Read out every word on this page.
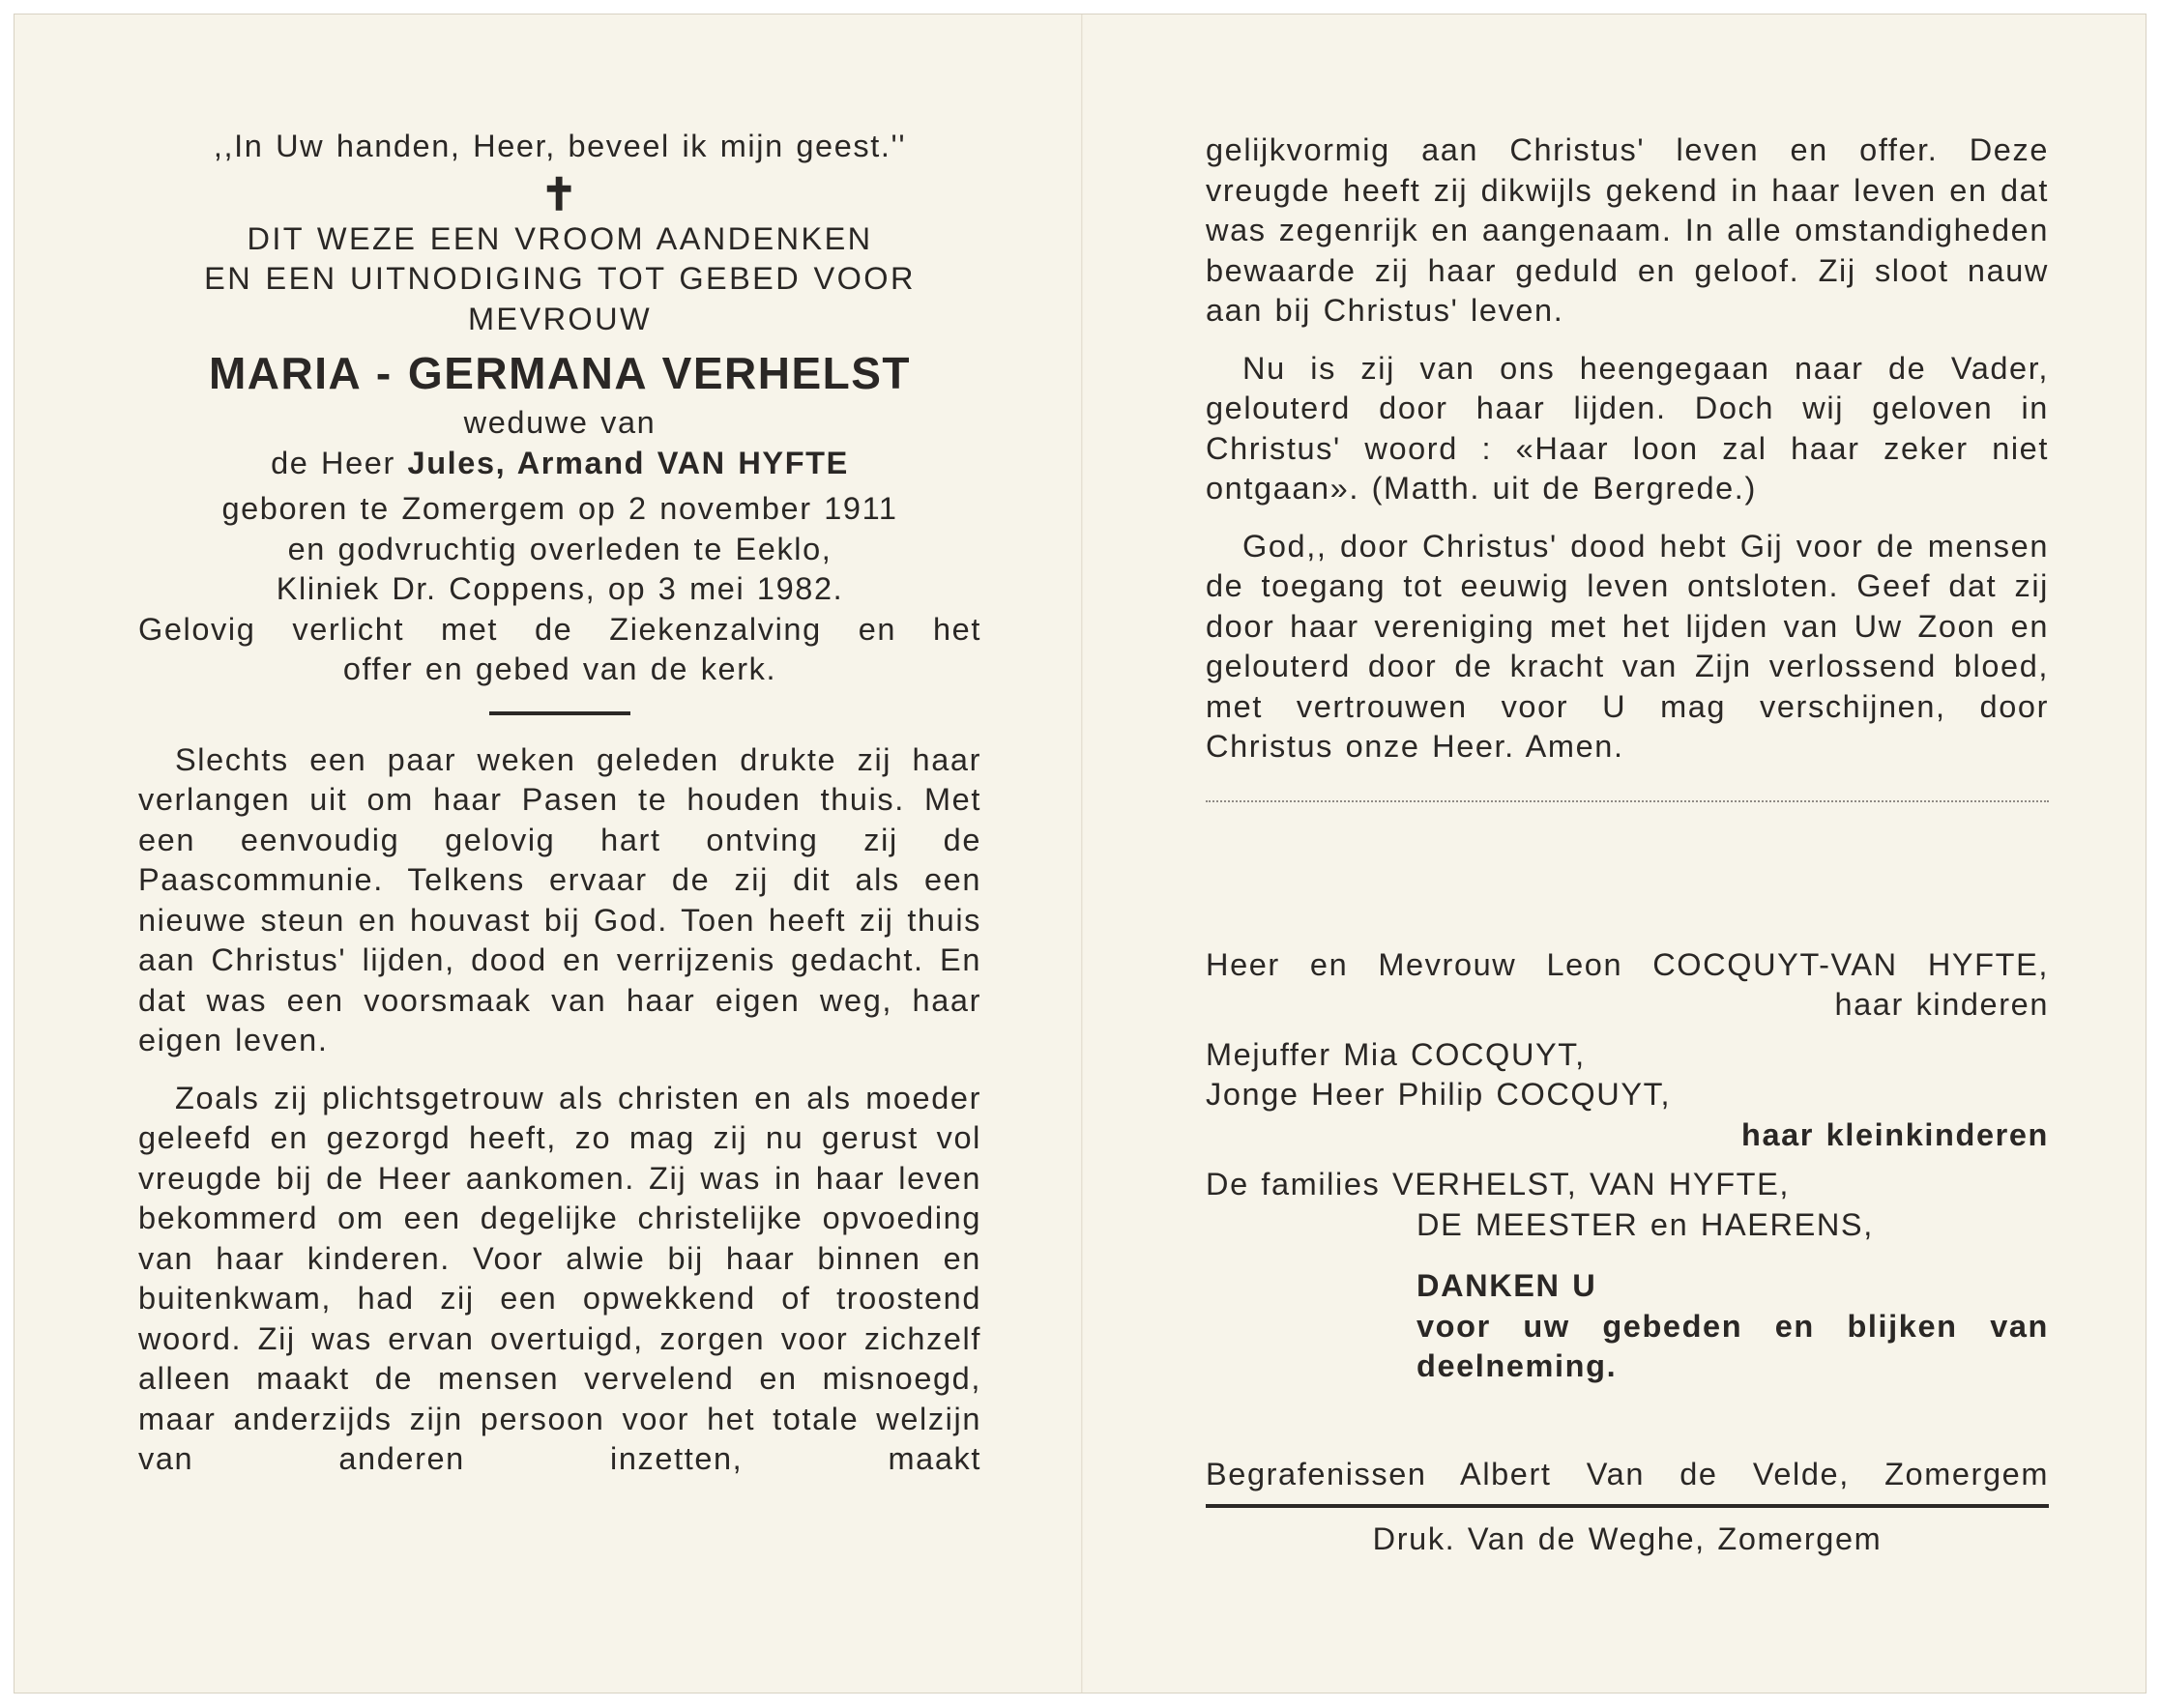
,,In Uw handen, Heer, beveel ik mijn geest.''

✝

DIT WEZE EEN VROOM AANDENKEN

EN EEN UITNODIGING TOT GEBED VOOR

MEVROUW

MARIA - GERMANA VERHELST

weduwe van

de Heer Jules, Armand VAN HYFTE

geboren te Zomergem op 2 november 1911

en godvruchtig overleden te Eeklo,

Kliniek Dr. Coppens, op 3 mei 1982.

Gelovig verlicht met de Ziekenzalving en het

offer en gebed van de kerk.

Slechts een paar weken geleden drukte zij haar verlangen uit om haar Pasen te houden thuis. Met een eenvoudig gelovig hart ontving zij de Paascommunie. Telkens ervaar de zij dit als een nieuwe steun en houvast bij God. Toen heeft zij thuis aan Christus' lijden, dood en verrijzenis gedacht. En dat was een voorsmaak van haar eigen weg, haar eigen leven.

Zoals zij plichtsgetrouw als christen en als moeder geleefd en gezorgd heeft, zo mag zij nu gerust vol vreugde bij de Heer aankomen. Zij was in haar leven bekommerd om een degelijke christelijke opvoeding van haar kinderen. Voor alwie bij haar binnen en buitenkwam, had zij een opwekkend of troostend woord. Zij was ervan overtuigd, zorgen voor zichzelf alleen maakt de mensen vervelend en misnoegd, maar anderzijds zijn persoon voor het totale welzijn van anderen inzetten, maakt

gelijkvormig aan Christus' leven en offer. Deze vreugde heeft zij dikwijls gekend in haar leven en dat was zegenrijk en aangenaam. In alle omstandigheden bewaarde zij haar geduld en geloof. Zij sloot nauw aan bij Christus' leven.

Nu is zij van ons heengegaan naar de Vader, gelouterd door haar lijden. Doch wij geloven in Christus' woord : «Haar loon zal haar zeker niet ontgaan». (Matth. uit de Bergrede.)

God,, door Christus' dood hebt Gij voor de mensen de toegang tot eeuwig leven ontsloten. Geef dat zij door haar vereniging met het lijden van Uw Zoon en gelouterd door de kracht van Zijn verlossend bloed, met vertrouwen voor U mag verschijnen, door Christus onze Heer. Amen.

Heer en Mevrouw Leon COCQUYT-VAN HYFTE,

haar kinderen

Mejuffer Mia COCQUYT,

Jonge Heer Philip COCQUYT,

haar kleinkinderen

De families VERHELST, VAN HYFTE,

DE MEESTER en HAERENS,

DANKEN U

voor uw gebeden en blijken van deelneming.

Begrafenissen Albert Van de Velde, Zomergem

Druk. Van de Weghe, Zomergem
